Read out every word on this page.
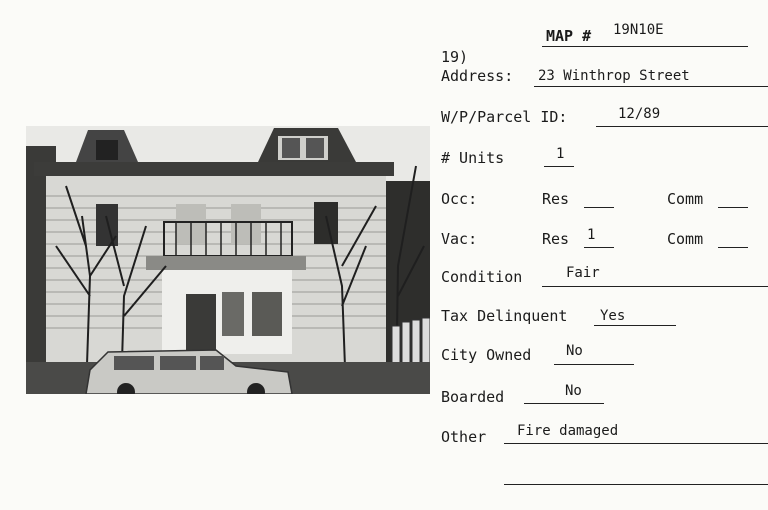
MAP # 19N10E
19)
Address: 23 Winthrop Street
W/P/Parcel ID:	12/89
# Units	1
Occ:	Res	Comm
Vac:	Res 1	Comm
Condition	Fair
Tax Delinquent Yes
City Owned No
Boarded	No
Other Fire damaged
